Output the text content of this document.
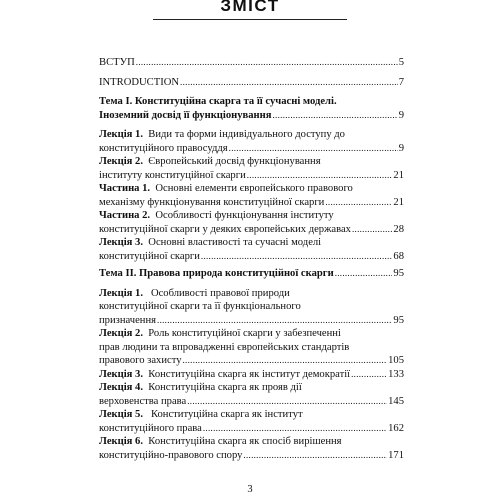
ЗМІСТ
ВСТУП .....	5
INTRODUCTION .....	7
Тема І. Конституційна скарга та її сучасні моделі.
Іноземний досвід її функціонування .....	9
Лекція 1. Види та форми індивідуального доступу до
конституційного правосуддя .....	9
Лекція 2. Європейський досвід функціонування
інституту конституційної скарги .....	21
Частина 1. Основні елементи європейського правового
механізму функціонування конституційної скарги .....	21
Частина 2. Особливості функціонування інституту
конституційної скарги у деяких європейських державах .....	28
Лекція 3. Основні властивості та сучасні моделі
конституційної скарги .....	68
Тема ІІ. Правова природа конституційної скарги .....	95
Лекція 1. Особливості правової природи
конституційної скарги та її функціонального
призначення .....	95
Лекція 2. Роль конституційної скарги у забезпеченні
прав людини та впровадженні європейських стандартів
правового захисту .....	105
Лекція 3. Конституційна скарга як інститут демократії .....	133
Лекція 4. Конституційна скарга як прояв дії
верховенства права .....	145
Лекція 5. Конституційна скарга як інститут
конституційного права .....	162
Лекція 6. Конституційна скарга як спосіб вирішення
конституційно-правового спору .....	171
3
